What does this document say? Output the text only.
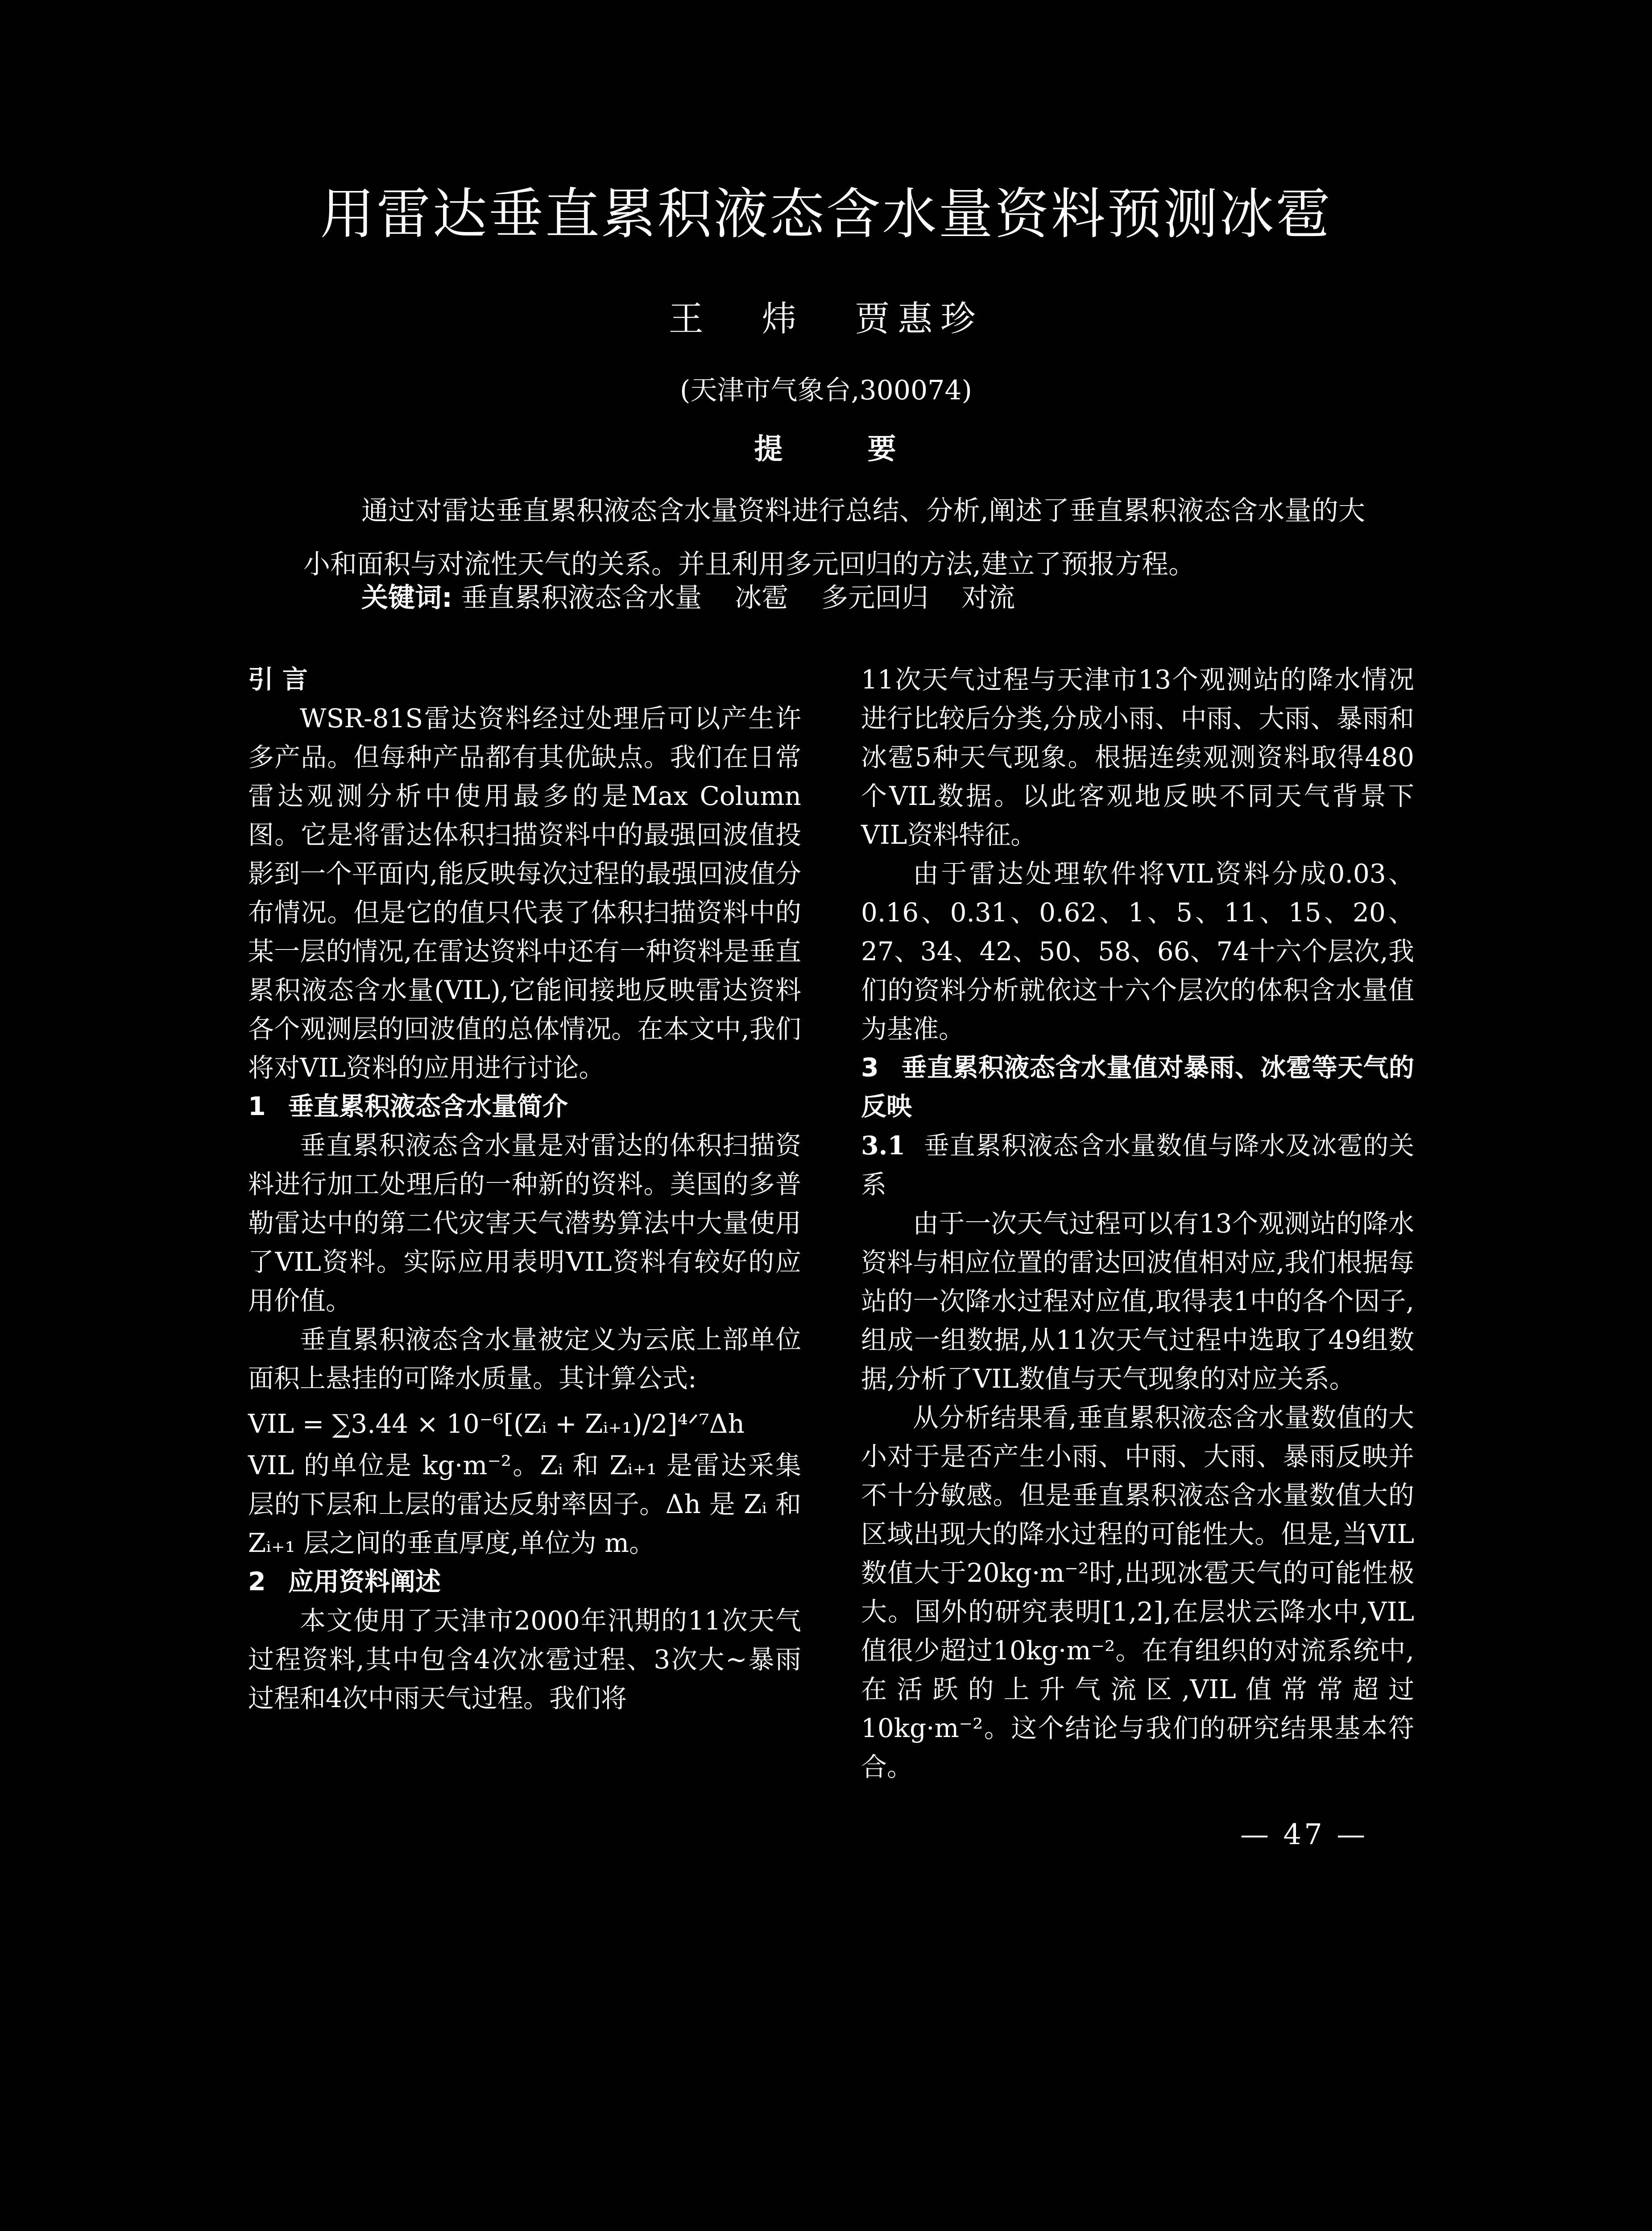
用雷达垂直累积液态含水量资料预测冰雹
王 炜 贾惠珍
(天津市气象台,300074)
提 要

通过对雷达垂直累积液态含水量资料进行总结、分析,阐述了垂直累积液态含水量的大小和面积与对流性天气的关系。并且利用多元回归的方法,建立了预报方程。

关键词: 垂直累积液态含水量 冰雹 多元回归 对流
引 言

WSR-81S雷达资料经过处理后可以产生许多产品。但每种产品都有其优缺点。我们在日常雷达观测分析中使用最多的是Max Column图。它是将雷达体积扫描资料中的最强回波值投影到一个平面内,能反映每次过程的最强回波值分布情况。但是它的值只代表了体积扫描资料中的某一层的情况,在雷达资料中还有一种资料是垂直累积液态含水量(VIL),它能间接地反映雷达资料各个观测层的回波值的总体情况。在本文中,我们将对VIL资料的应用进行讨论。

1 垂直累积液态含水量简介

垂直累积液态含水量是对雷达的体积扫描资料进行加工处理后的一种新的资料。美国的多普勒雷达中的第二代灾害天气潜势算法中大量使用了VIL资料。实际应用表明VIL资料有较好的应用价值。

垂直累积液态含水量被定义为云底上部单位面积上悬挂的可降水质量。其计算公式:

VIL = ∑3.44 × 10⁻⁶[(Zᵢ + Zᵢ₊₁)/2]⁴ᐟ⁷Δh

VIL 的单位是 kg·m⁻²。Zᵢ 和 Zᵢ₊₁ 是雷达采集层的下层和上层的雷达反射率因子。Δh 是 Zᵢ 和 Zᵢ₊₁ 层之间的垂直厚度,单位为 m。

2 应用资料阐述

本文使用了天津市2000年汛期的11次天气过程资料,其中包含4次冰雹过程、3次大~暴雨过程和4次中雨天气过程。我们将

11次天气过程与天津市13个观测站的降水情况进行比较后分类,分成小雨、中雨、大雨、暴雨和冰雹5种天气现象。根据连续观测资料取得480个VIL数据。以此客观地反映不同天气背景下VIL资料特征。

由于雷达处理软件将VIL资料分成0.03、0.16、0.31、0.62、1、5、11、15、20、27、34、42、50、58、66、74十六个层次,我们的资料分析就依这十六个层次的体积含水量值为基准。

3 垂直累积液态含水量值对暴雨、冰雹等天气的反映
3.1 垂直累积液态含水量数值与降水及冰雹的关系

由于一次天气过程可以有13个观测站的降水资料与相应位置的雷达回波值相对应,我们根据每站的一次降水过程对应值,取得表1中的各个因子,组成一组数据,从11次天气过程中选取了49组数据,分析了VIL数值与天气现象的对应关系。

从分析结果看,垂直累积液态含水量数值的大小对于是否产生小雨、中雨、大雨、暴雨反映并不十分敏感。但是垂直累积液态含水量数值大的区域出现大的降水过程的可能性大。但是,当VIL数值大于20kg·m⁻²时,出现冰雹天气的可能性极大。国外的研究表明[1,2],在层状云降水中,VIL值很少超过10kg·m⁻²。在有组织的对流系统中,在活跃的上升气流区,VIL值常常超过10kg·m⁻²。这个结论与我们的研究结果基本符合。

— 47 —
